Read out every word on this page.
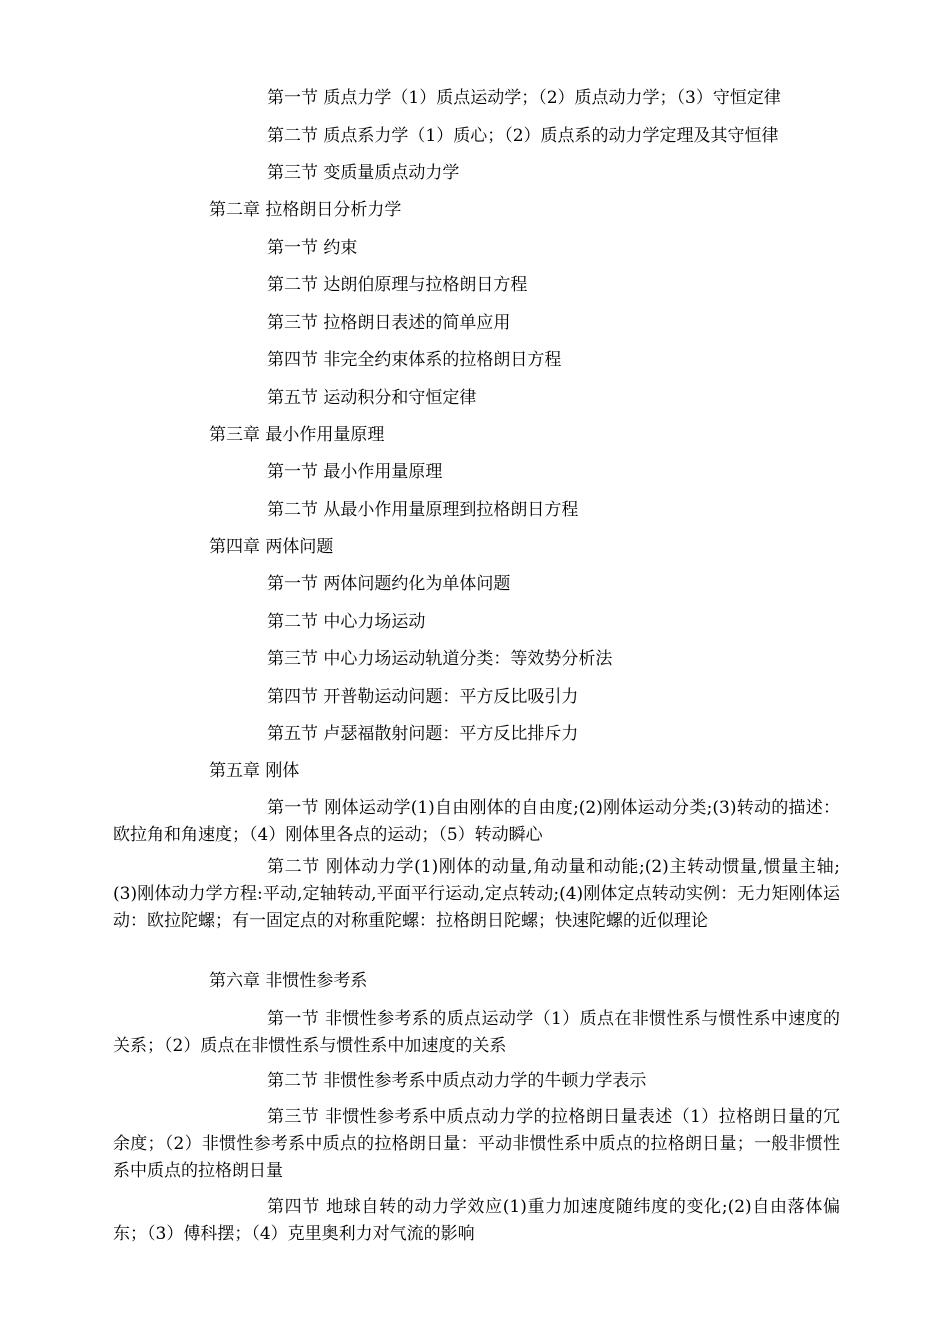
第一节 质点力学（1）质点运动学；（2）质点动力学；（3）守恒定律
第二节 质点系力学（1）质心；（2）质点系的动力学定理及其守恒律
第三节 变质量质点动力学
第二章 拉格朗日分析力学
第一节 约束
第二节 达朗伯原理与拉格朗日方程
第三节 拉格朗日表述的简单应用
第四节 非完全约束体系的拉格朗日方程
第五节 运动积分和守恒定律
第三章 最小作用量原理
第一节 最小作用量原理
第二节 从最小作用量原理到拉格朗日方程
第四章 两体问题
第一节 两体问题约化为单体问题
第二节 中心力场运动
第三节 中心力场运动轨道分类：等效势分析法
第四节 开普勒运动问题：平方反比吸引力
第五节 卢瑟福散射问题：平方反比排斥力
第五章 刚体
第一节 刚体运动学(1)自由刚体的自由度;(2)刚体运动分类;(3)转动的描述：欧拉角和角速度；（4）刚体里各点的运动；（5）转动瞬心
第二节 刚体动力学(1)刚体的动量,角动量和动能;(2)主转动惯量,惯量主轴;(3)刚体动力学方程:平动,定轴转动,平面平行运动,定点转动;(4)刚体定点转动实例：无力矩刚体运动：欧拉陀螺；有一固定点的对称重陀螺：拉格朗日陀螺；快速陀螺的近似理论
第六章 非惯性参考系
第一节 非惯性参考系的质点运动学（1）质点在非惯性系与惯性系中速度的关系；（2）质点在非惯性系与惯性系中加速度的关系
第二节 非惯性参考系中质点动力学的牛顿力学表示
第三节 非惯性参考系中质点动力学的拉格朗日量表述（1）拉格朗日量的冗余度；（2）非惯性参考系中质点的拉格朗日量：平动非惯性系中质点的拉格朗日量；一般非惯性系中质点的拉格朗日量
第四节 地球自转的动力学效应(1)重力加速度随纬度的变化;(2)自由落体偏东；（3）傅科摆；（4）克里奥利力对气流的影响
